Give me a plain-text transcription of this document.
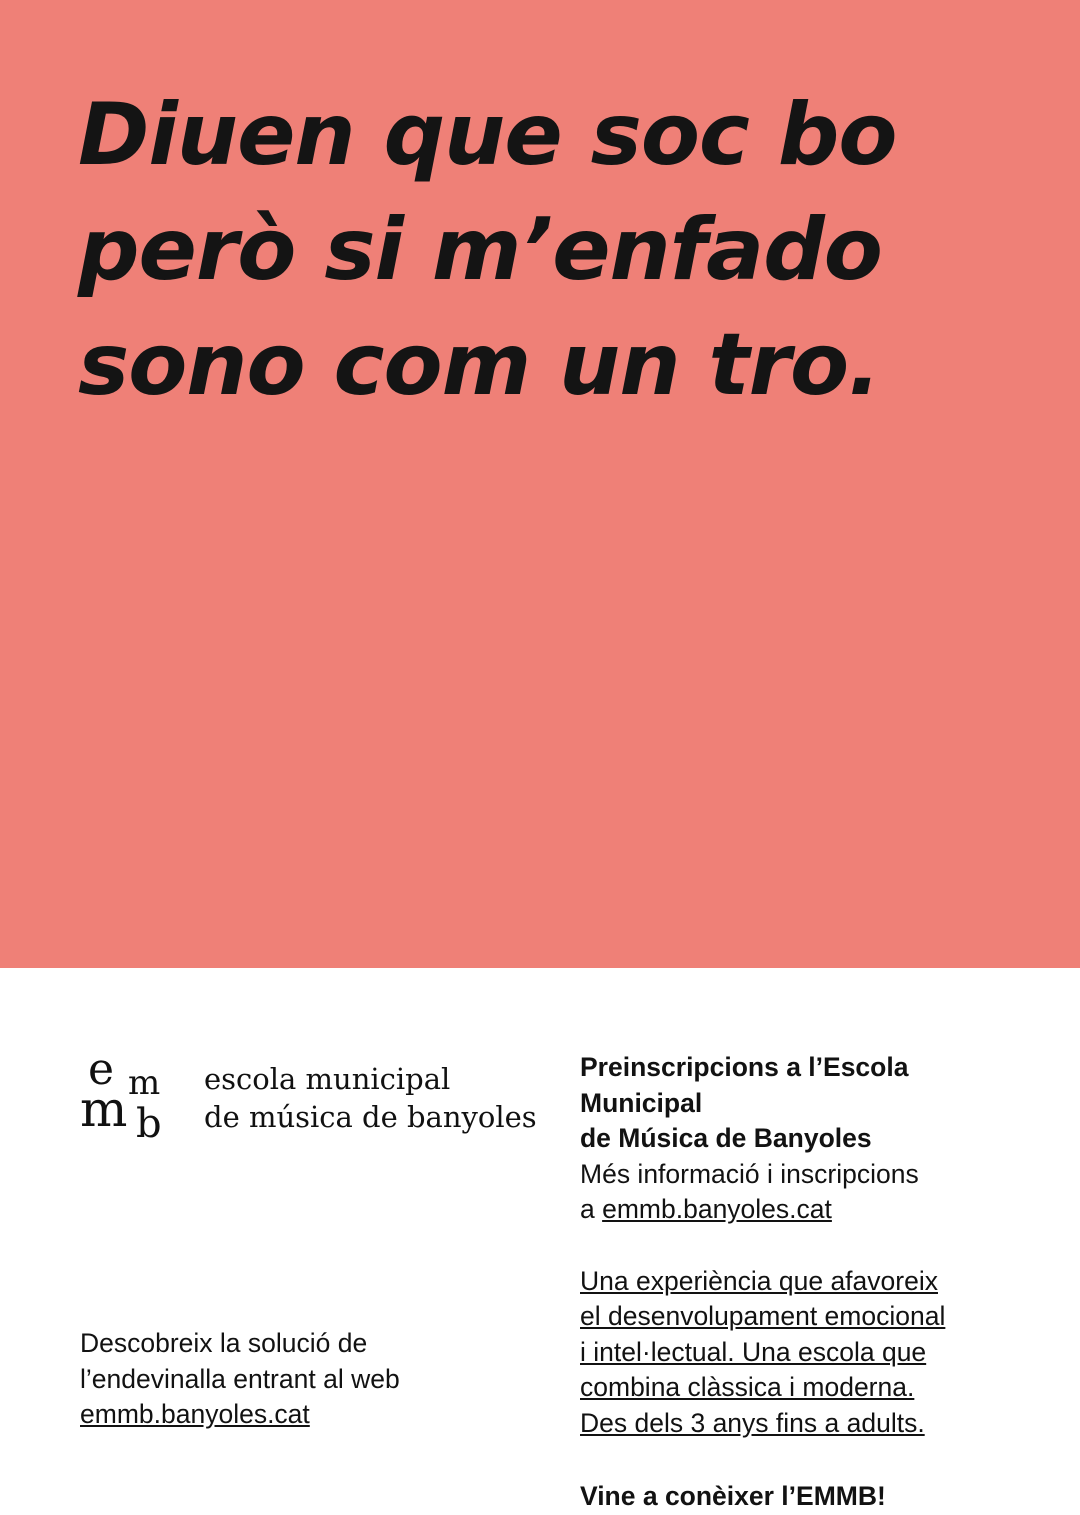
Diuen que soc bo
però si m’enfado
sono com un tro.
e m
m b
escola municipal
de música de banyoles
Descobreix la solució de
l’endevinalla entrant al web
emmb.banyoles.cat

Preinscripcions a l’Escola Municipal
de Música de Banyoles

Més informació i inscripcions
a emmb.banyoles.cat

Una experiència que afavoreix
el desenvolupament emocional
i intel·lectual. Una escola que
combina clàssica i moderna.
Des dels 3 anys fins a adults.

Vine a conèixer l’EMMB!
